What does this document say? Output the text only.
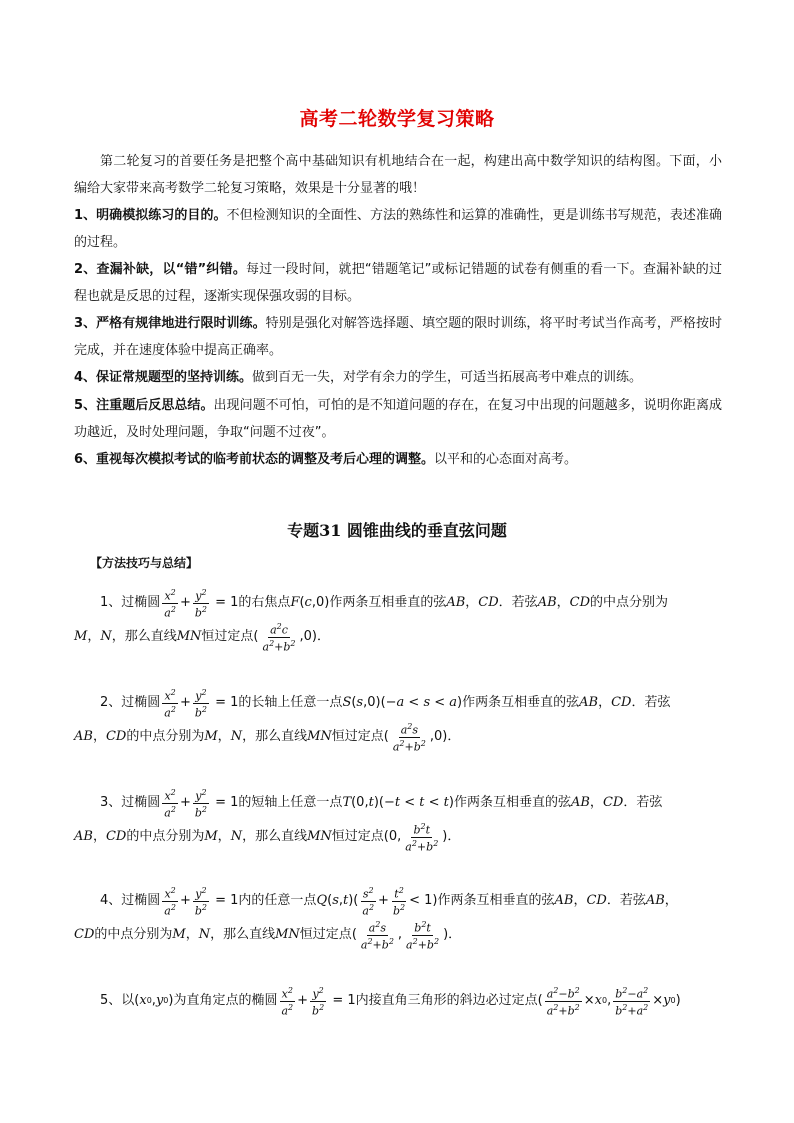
高考二轮数学复习策略
第二轮复习的首要任务是把整个高中基础知识有机地结合在一起，构建出高中数学知识的结构图。下面，小编给大家带来高考数学二轮复习策略，效果是十分显著的哦！
1、明确模拟练习的目的。不但检测知识的全面性、方法的熟练性和运算的准确性，更是训练书写规范，表述准确的过程。
2、查漏补缺，以“错”纠错。每过一段时间，就把“错题笔记”或标记错题的试卷有侧重的看一下。查漏补缺的过程也就是反思的过程，逐渐实现保强攻弱的目标。
3、严格有规律地进行限时训练。特别是强化对解答选择题、填空题的限时训练，将平时考试当作高考，严格按时完成，并在速度体验中提高正确率。
4、保证常规题型的坚持训练。做到百无一失，对学有余力的学生，可适当拓展高考中难点的训练。
5、注重题后反思总结。出现问题不可怕，可怕的是不知道问题的存在，在复习中出现的问题越多，说明你距离成功越近，及时处理问题，争取“问题不过夜”。
6、重视每次模拟考试的临考前状态的调整及考后心理的调整。以平和的心态面对高考。
专题31 圆锥曲线的垂直弦问题
【方法技巧与总结】
1、过椭圆 $\frac{x^2}{a^2} + \frac{y^2}{b^2} = 1$ 的右焦点 F ( c ,0) 作两条互相垂直的弦 AB ， CD ．若弦 AB ， CD 的中点分别为
M ， N ，那么直线 MN 恒过定点 ( $\frac{a^2c}{a^2+b^2} ,0$)．
2、过椭圆 $\frac{x^2}{a^2} + \frac{y^2}{b^2} = 1$ 的长轴上任意一点 S ( s ,0)( −a < s < a ) 作两条互相垂直的弦 AB ， CD ．若弦
AB ， CD 的中点分别为 M ， N ，那么直线 MN 恒过定点 ( $\frac{a^2s}{a^2+b^2} ,0$)．
3、过椭圆 $\frac{x^2}{a^2} + \frac{y^2}{b^2} = 1$ 的短轴上任意一点 T (0, t )( −t < t < t ) 作两条互相垂直的弦 AB ， CD ．若弦
AB ， CD 的中点分别为 M ， N ，那么直线 MN 恒过定点 (0, $\frac{b^2t}{a^2+b^2}$ )．
4、过椭圆 $\frac{x^2}{a^2} + \frac{y^2}{b^2} = 1$ 内的任意一点 Q ( s , t )( $\frac{s^2}{a^2} + \frac{t^2}{b^2} < 1$) 作两条互相垂直的弦 AB ， CD ．若弦 AB ，
CD 的中点分别为 M ， N ，那么直线 MN 恒过定点 ( $\frac{a^2s}{a^2+b^2}$ , $\frac{b^2t}{a^2+b^2}$ )．
5、以 ( x 0 , y 0 ) 为直角定点的椭圆 $\frac{x^2}{a^2} + \frac{y^2}{b^2} = 1$ 内接直角三角形的斜边必过定点 ( $\frac{a^2-b^2}{a^2+b^2} \times x$ 0 , $\frac{b^2-a^2}{b^2+a^2} \times y$ 0 )
